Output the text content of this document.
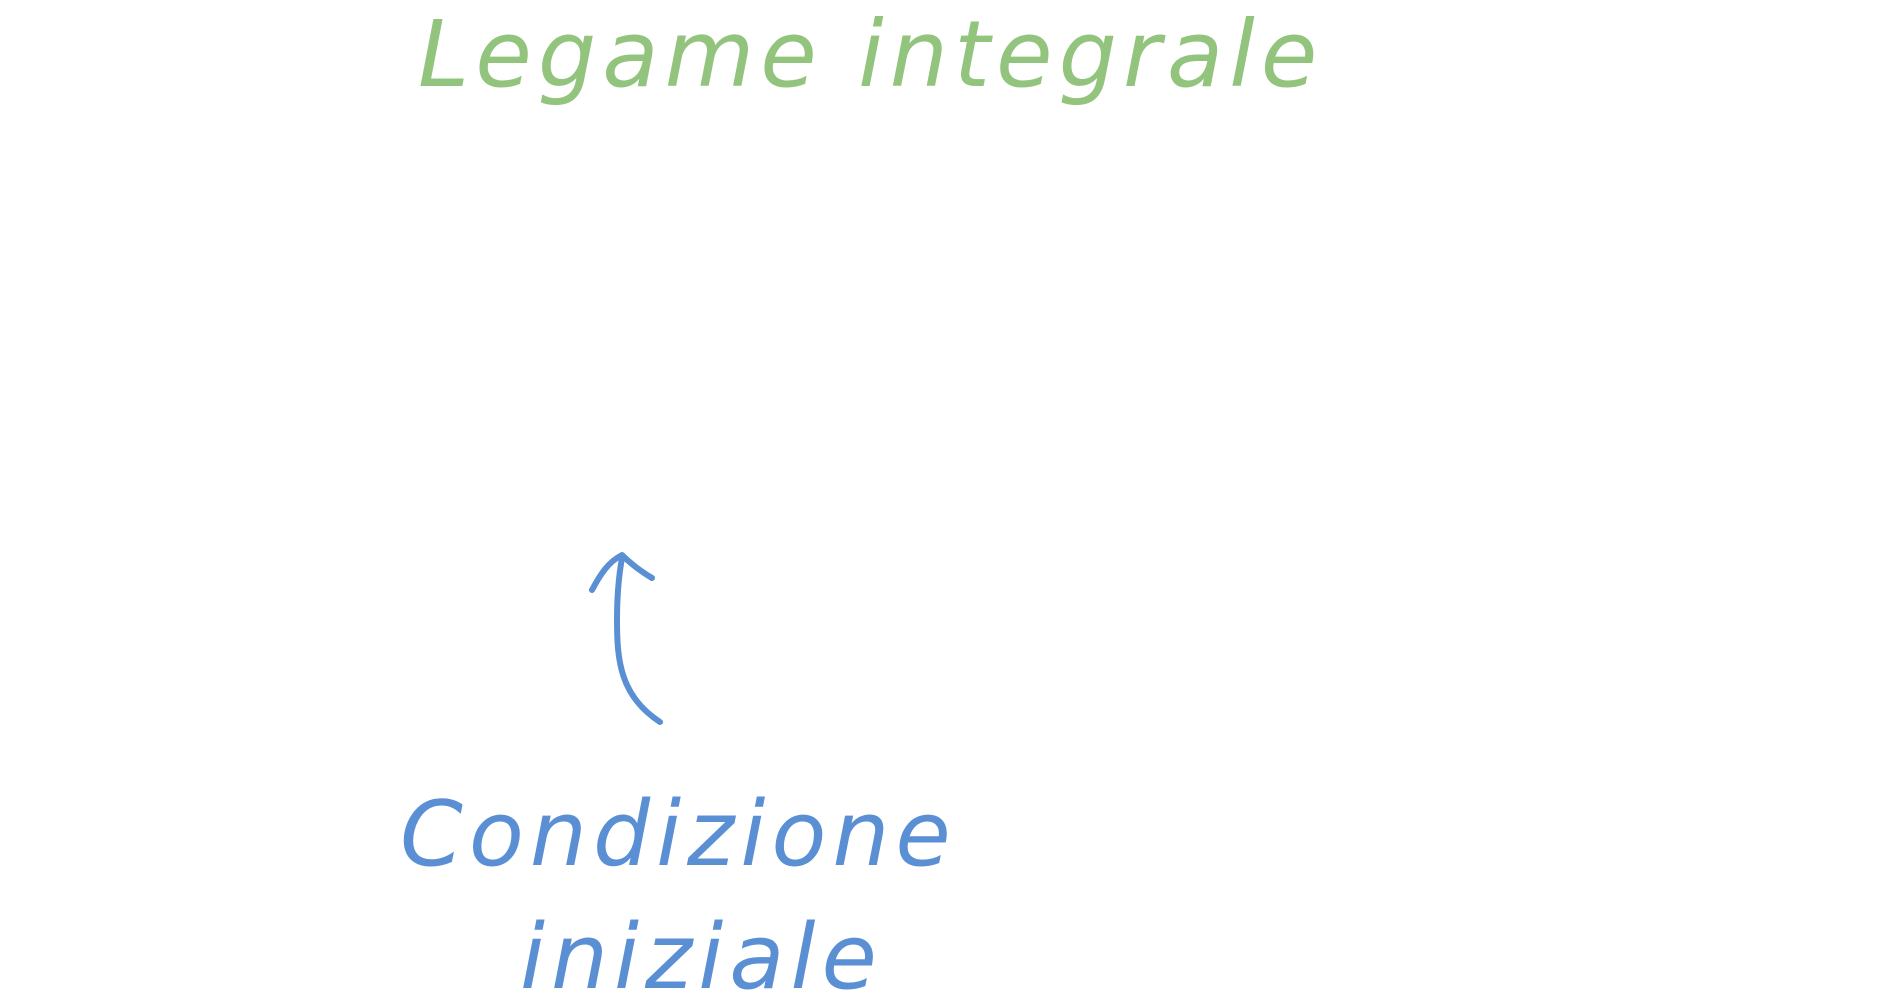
Legame integrale
Condizione
iniziale
